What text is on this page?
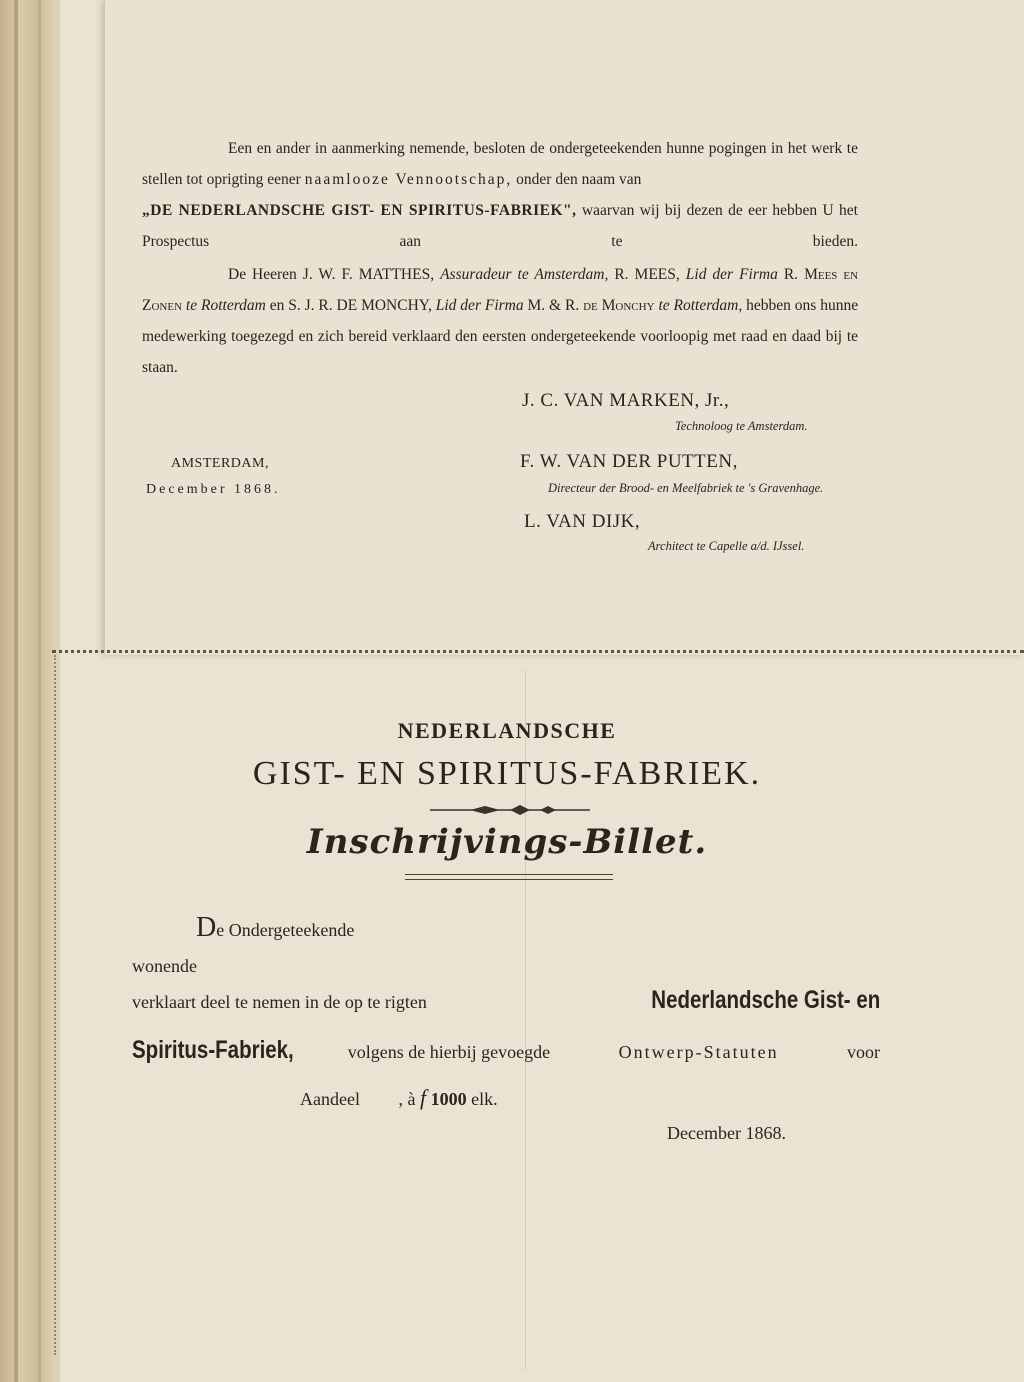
Een en ander in aanmerking nemende, besloten de ondergeteekenden hunne pogingen in het werk te stellen tot oprigting eener naamlooze Vennootschap, onder den naam van
„DE NEDERLANDSCHE GIST- EN SPIRITUS-FABRIEK", waarvan wij bij dezen de eer hebben U het Prospectus aan te bieden.
De Heeren J. W. F. MATTHES, Assuradeur te Amsterdam, R. MEES, Lid der Firma R. Mees en Zonen te Rotterdam en S. J. R. DE MONCHY, Lid der Firma M. & R. de Monchy te Rotterdam, hebben ons hunne medewerking toegezegd en zich bereid verklaard den eersten ondergeteekende voorloopig met raad en daad bij te staan.
J. C. VAN MARKEN, Jr.,
Technoloog te Amsterdam.
F. W. VAN DER PUTTEN,
Directeur der Brood- en Meelfabriek te 's Gravenhage.
L. VAN DIJK,
Architect te Capelle a/d. IJssel.
AMSTERDAM,
December 1868.
NEDERLANDSCHE
GIST- EN SPIRITUS-FABRIEK.
Inschrijvings-Billet.
De Ondergeteekende
wonende
verklaart deel te nemen in de op te rigten	Nederlandsche Gist- en
Spiritus-Fabriek,	volgens de hierbij gevoegde	Ontwerp-Statuten	voor
Aandeel , à f 1000 elk.
December 1868.
